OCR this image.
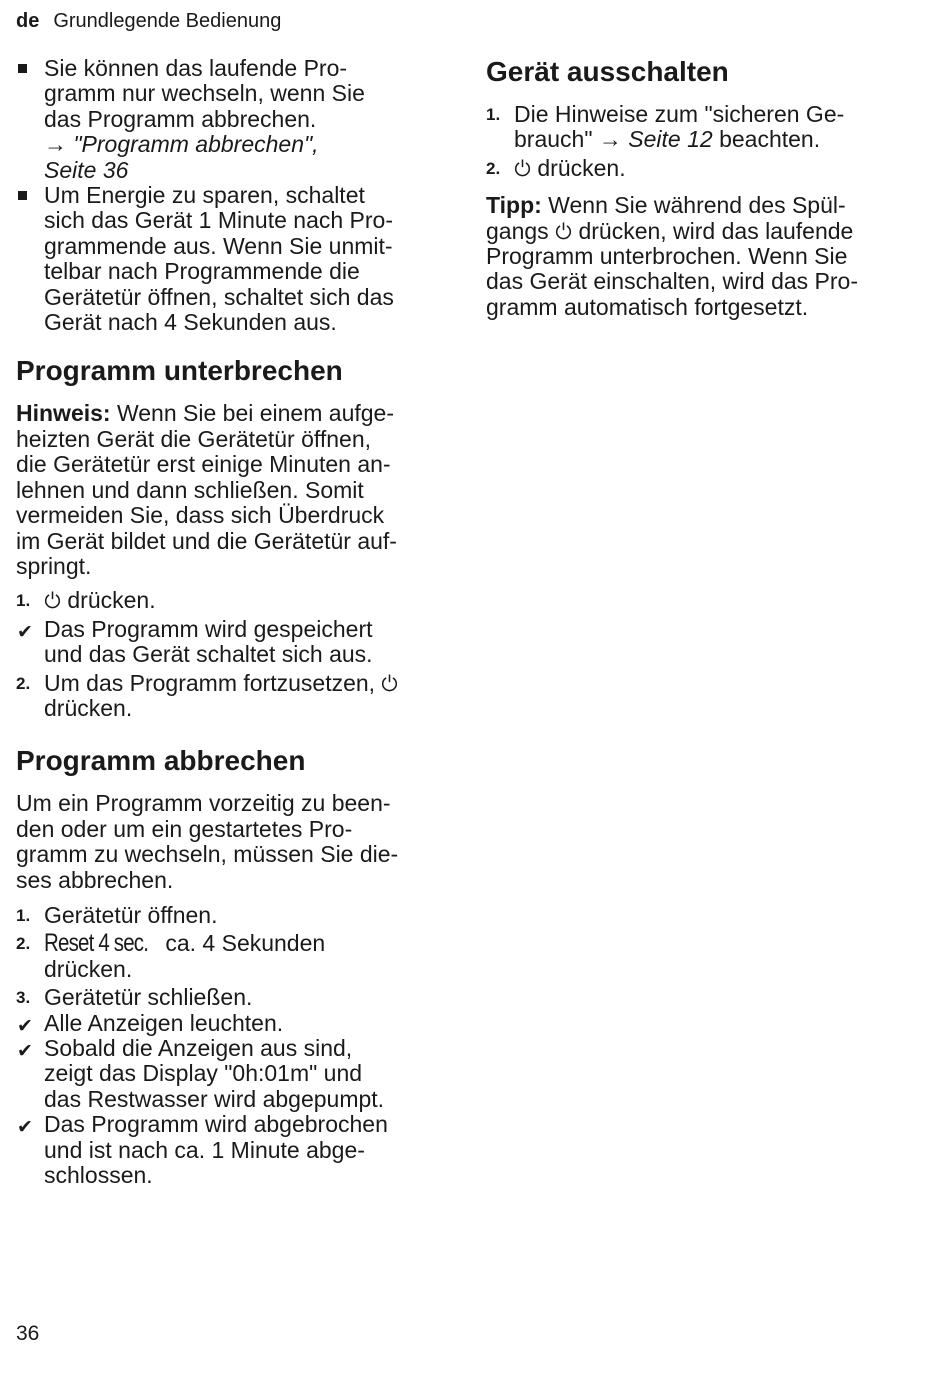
de Grundlegende Bedienung
Sie können das laufende Pro-
gramm nur wechseln, wenn Sie
das Programm abbrechen.
→ "Programm abbrechen",
Seite 36
Um Energie zu sparen, schaltet
sich das Gerät 1 Minute nach Pro-
grammende aus. Wenn Sie unmit-
telbar nach Programmende die
Gerätetür öffnen, schaltet sich das
Gerät nach 4 Sekunden aus.
Programm unterbrechen
Hinweis: Wenn Sie bei einem aufge-
heizten Gerät die Gerätetür öffnen,
die Gerätetür erst einige Minuten an-
lehnen und dann schließen. Somit
vermeiden Sie, dass sich Überdruck
im Gerät bildet und die Gerätetür auf-
springt.
1.	drücken.
✔ Das Programm wird gespeichert
und das Gerät schaltet sich aus.
2. Um das Programm fortzusetzen,
drücken.
Programm abbrechen
Um ein Programm vorzeitig zu been-
den oder um ein gestartetes Pro-
gramm zu wechseln, müssen Sie die-
ses abbrechen.
1. Gerätetür öffnen.
2. Reset 4 sec. ca. 4 Sekunden
drücken.
3. Gerätetür schließen.
✔ Alle Anzeigen leuchten.
✔ Sobald die Anzeigen aus sind,
zeigt das Display "0h:01m" und
das Restwasser wird abgepumpt.
✔ Das Programm wird abgebrochen
und ist nach ca. 1 Minute abge-
schlossen.
Gerät ausschalten
1. Die Hinweise zum "sicheren Ge-
brauch" → Seite 12 beachten.
2.	drücken.
Tipp: Wenn Sie während des Spül-
gangs  drücken, wird das laufende
Programm unterbrochen. Wenn Sie
das Gerät einschalten, wird das Pro-
gramm automatisch fortgesetzt.
36
